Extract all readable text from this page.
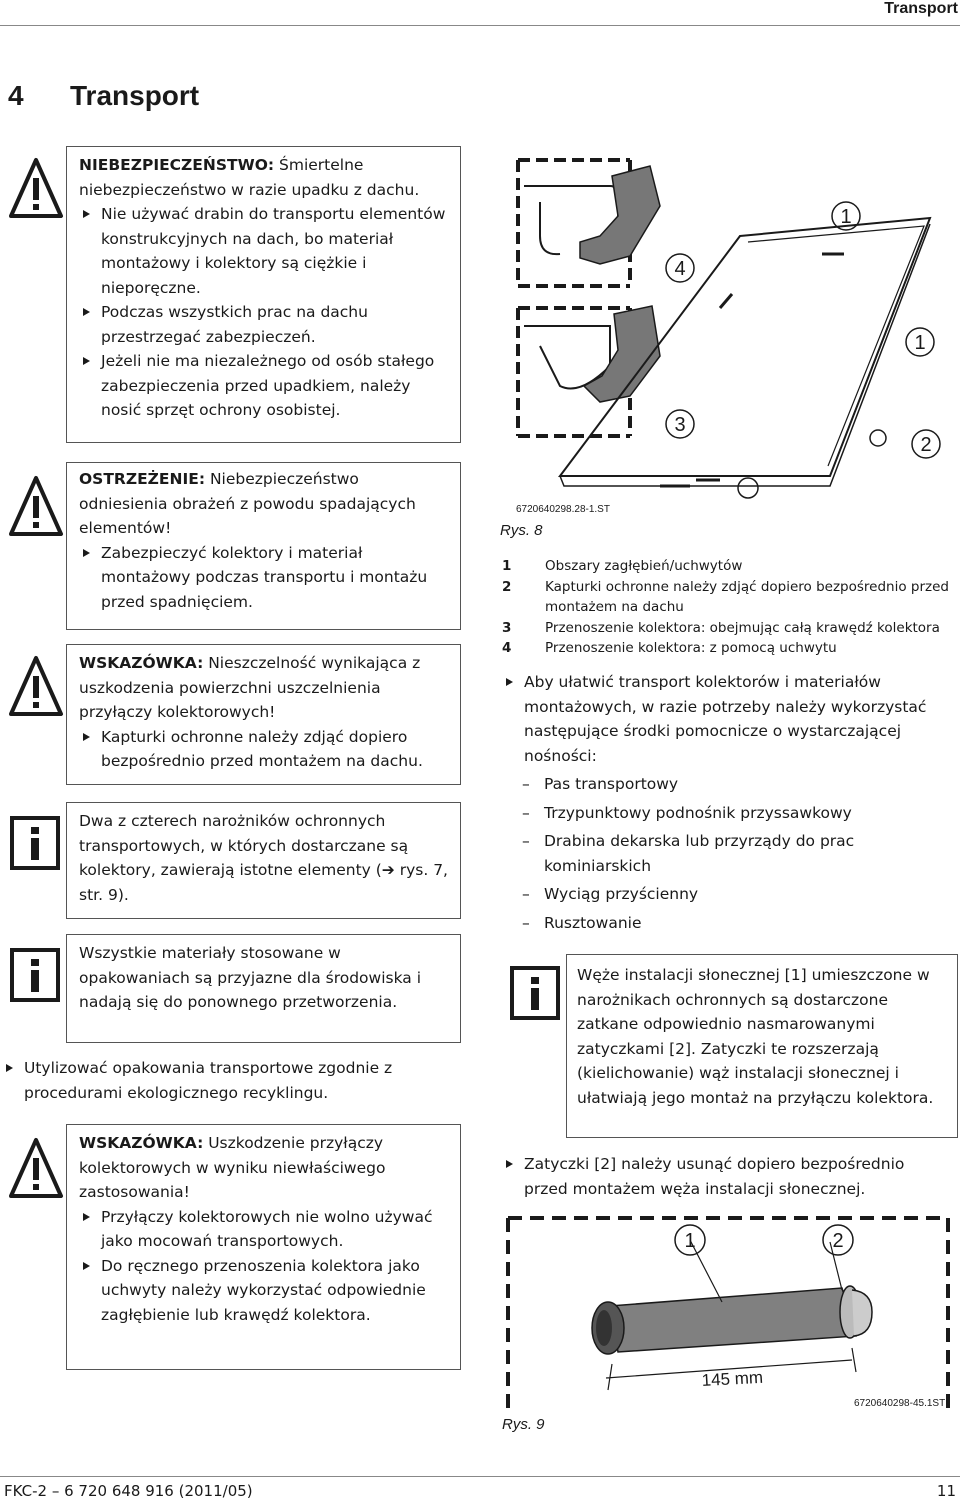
Transport
4 Transport

NIEBEZPIECZEŃSTWO: Śmiertelne niebezpieczeństwo w razie upadku z dachu.

Nie używać drabin do transportu elementów konstrukcyjnych na dach, bo materiał montażowy i kolektory są ciężkie i nieporęczne.

Podczas wszystkich prac na dachu przestrzegać zabezpieczeń.

Jeżeli nie ma niezależnego od osób stałego zabezpieczenia przed upadkiem, należy nosić sprzęt ochrony osobistej.

OSTRZEŻENIE: Niebezpieczeństwo odniesienia obrażeń z powodu spadających elementów!

Zabezpieczyć kolektory i materiał montażowy podczas transportu i montażu przed spadnięciem.

WSKAZÓWKA: Nieszczelność wynikająca z uszkodzenia powierzchni uszczelnienia przyłączy kolektorowych!

Kapturki ochronne należy zdjąć dopiero bezpośrednio przed montażem na dachu.

Dwa z czterech narożników ochronnych transportowych, w których dostarczane są kolektory, zawierają istotne elementy (➔ rys. 7, str. 9).

Wszystkie materiały stosowane w opakowaniach są przyjazne dla środowiska i nadają się do ponownego przetworzenia.

Utylizować opakowania transportowe zgodnie z procedurami ekologicznego recyklingu.

WSKAZÓWKA: Uszkodzenie przyłączy kolektorowych w wyniku niewłaściwego zastosowania!

Przyłączy kolektorowych nie wolno używać jako mocowań transportowych.

Do ręcznego przenoszenia kolektora jako uchwyty należy wykorzystać odpowiednie zagłębienie lub krawędź kolektora.

1
1
2
3
4
6720640298.28-1.ST
Rys. 8
1 Obszary zagłębień/uchwytów
2 Kapturki ochronne należy zdjąć dopiero bezpośrednio przed montażem na dachu
3 Przenoszenie kolektora: obejmując całą krawędź kolektora
4 Przenoszenie kolektora: z pomocą uchwytu

Aby ułatwić transport kolektorów i materiałów montażowych, w razie potrzeby należy wykorzystać następujące środki pomocnicze o wystarczającej nośności:

– Pas transportowy

– Trzypunktowy podnośnik przyssawkowy

– Drabina dekarska lub przyrządy do prac kominiarskich

– Wyciąg przyścienny

– Rusztowanie

Węże instalacji słonecznej [1] umieszczone w narożnikach ochronnych są dostarczone zatkane odpowiednio nasmarowanymi zatyczkami [2]. Zatyczki te rozszerzają (kielichowanie) wąż instalacji słonecznej i ułatwiają jego montaż na przyłączu kolektora.

Zatyczki [2] należy usunąć dopiero bezpośrednio przed montażem węża instalacji słonecznej.

1	2
145 mm
6720640298-45.1ST
Rys. 9
FKC-2 – 6 720 648 916 (2011/05)	11
